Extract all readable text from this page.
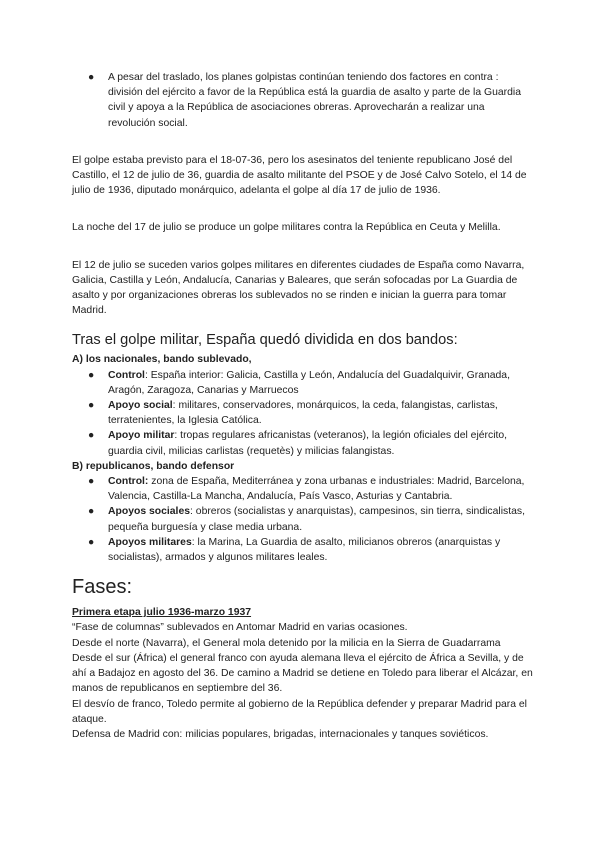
● A pesar del traslado, los planes golpistas continúan teniendo dos factores en contra : división del ejército a favor de la República está la guardia de asalto y parte de la Guardia civil y apoya a la República de asociaciones obreras. Aprovecharán a realizar una revolución social.

El golpe estaba previsto para el 18-07-36, pero los asesinatos del teniente republicano José del Castillo, el 12 de julio de 36, guardia de asalto militante del PSOE y de José Calvo Sotelo, el 14 de julio de 1936, diputado monárquico, adelanta el golpe al día 17 de julio de 1936.

La noche del 17 de julio se produce un golpe militares contra la República en Ceuta y Melilla.

El 12 de julio se suceden varios golpes militares en diferentes ciudades de España como Navarra, Galicia, Castilla y León, Andalucía, Canarias y Baleares, que serán sofocadas por La Guardia de asalto y por organizaciones obreras los sublevados no se rinden e inician la guerra para tomar Madrid.

Tras el golpe militar, España quedó dividida en dos bandos:
A) los nacionales, bando sublevado,
● Control: España interior: Galicia, Castilla y León, Andalucía del Guadalquivir, Granada, Aragón, Zaragoza, Canarias y Marruecos
● Apoyo social: militares, conservadores, monárquicos, la ceda, falangistas, carlistas, terratenientes, la Iglesia Católica.
● Apoyo militar: tropas regulares africanistas (veteranos), la legión oficiales del ejército, guardia civil, milicias carlistas (requetès) y milicias falangistas.
B) republicanos, bando defensor
● Control: zona de España, Mediterránea y zona urbanas e industriales: Madrid, Barcelona, Valencia, Castilla-La Mancha, Andalucía, País Vasco, Asturias y Cantabria.
● Apoyos sociales: obreros (socialistas y anarquistas), campesinos, sin tierra, sindicalistas, pequeña burguesía y clase media urbana.
● Apoyos militares: la Marina, La Guardia de asalto, milicianos obreros (anarquistas y socialistas), armados y algunos militares leales.
Fases:
Primera etapa julio 1936-marzo 1937

“Fase de columnas” sublevados en Antomar Madrid en varias ocasiones.

Desde el norte (Navarra), el General mola detenido por la milicia en la Sierra de Guadarrama

Desde el sur (África) el general franco con ayuda alemana lleva el ejército de África a Sevilla, y de ahí a Badajoz en agosto del 36. De camino a Madrid se detiene en Toledo para liberar el Alcázar, en manos de republicanos en septiembre del 36.

El desvío de franco, Toledo permite al gobierno de la República defender y preparar Madrid para el ataque.

Defensa de Madrid con: milicias populares, brigadas, internacionales y tanques soviéticos.
